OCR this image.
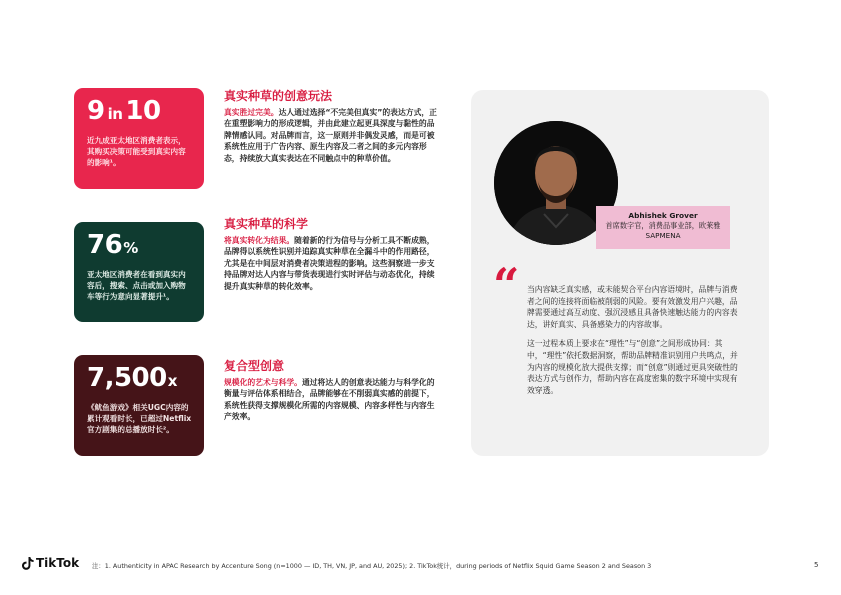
9 in 10
近九成亚太地区消费者表示，其购买决策可能受到真实内容的影响¹。
76%
亚太地区消费者在看到真实内容后，搜索、点击或加入购物车等行为意向显著提升¹。
7,500x
《鱿鱼游戏》相关UGC内容的累计观看时长，已超过Netflix官方剧集的总播放时长²。
真实种草的创意玩法
真实胜过完美。达人通过选择“不完美但真实”的表达方式，正在重塑影响力的形成逻辑，并由此建立起更具深度与黏性的品牌情感认同。对品牌而言，这一原则并非偶发灵感，而是可被系统性应用于广告内容、原生内容及二者之间的多元内容形态，持续放大真实表达在不同触点中的种草价值。
真实种草的科学
将真实转化为结果。随着新的行为信号与分析工具不断成熟，品牌得以系统性识别并追踪真实种草在全漏斗中的作用路径，尤其是在中间层对消费者决策进程的影响。这些洞察进一步支持品牌对达人内容与带货表现进行实时评估与动态优化，持续提升真实种草的转化效率。
复合型创意
规模化的艺术与科学。通过将达人的创意表达能力与科学化的衡量与评估体系相结合，品牌能够在不削弱真实感的前提下，系统性获得支撑规模化所需的内容规模、内容多样性与内容生产效率。
Abhishek Grover
首席数字官，消费品事业部，欧莱雅SAPMENA
“ 当内容缺乏真实感，或未能契合平台内容语境时，品牌与消费者之间的连接将面临被削弱的风险。要有效激发用户兴趣，品牌需要通过高互动度、强沉浸感且具备快速触达能力的内容表达，讲好真实、具备感染力的内容故事。

这一过程本质上要求在“理性”与“创意”之间形成协同：其中，“理性”依托数据洞察，帮助品牌精准识别用户共鸣点，并为内容的规模化放大提供支撑；而“创意”则通过更具突破性的表达方式与创作力，帮助内容在高度密集的数字环境中实现有效穿透。

TikTok 注：1. Authenticity in APAC Research by Accenture Song (n=1000 — ID, TH, VN, JP, and AU, 2025); 2. TikTok统计，during periods of Netflix Squid Game Season 2 and Season 3	5
